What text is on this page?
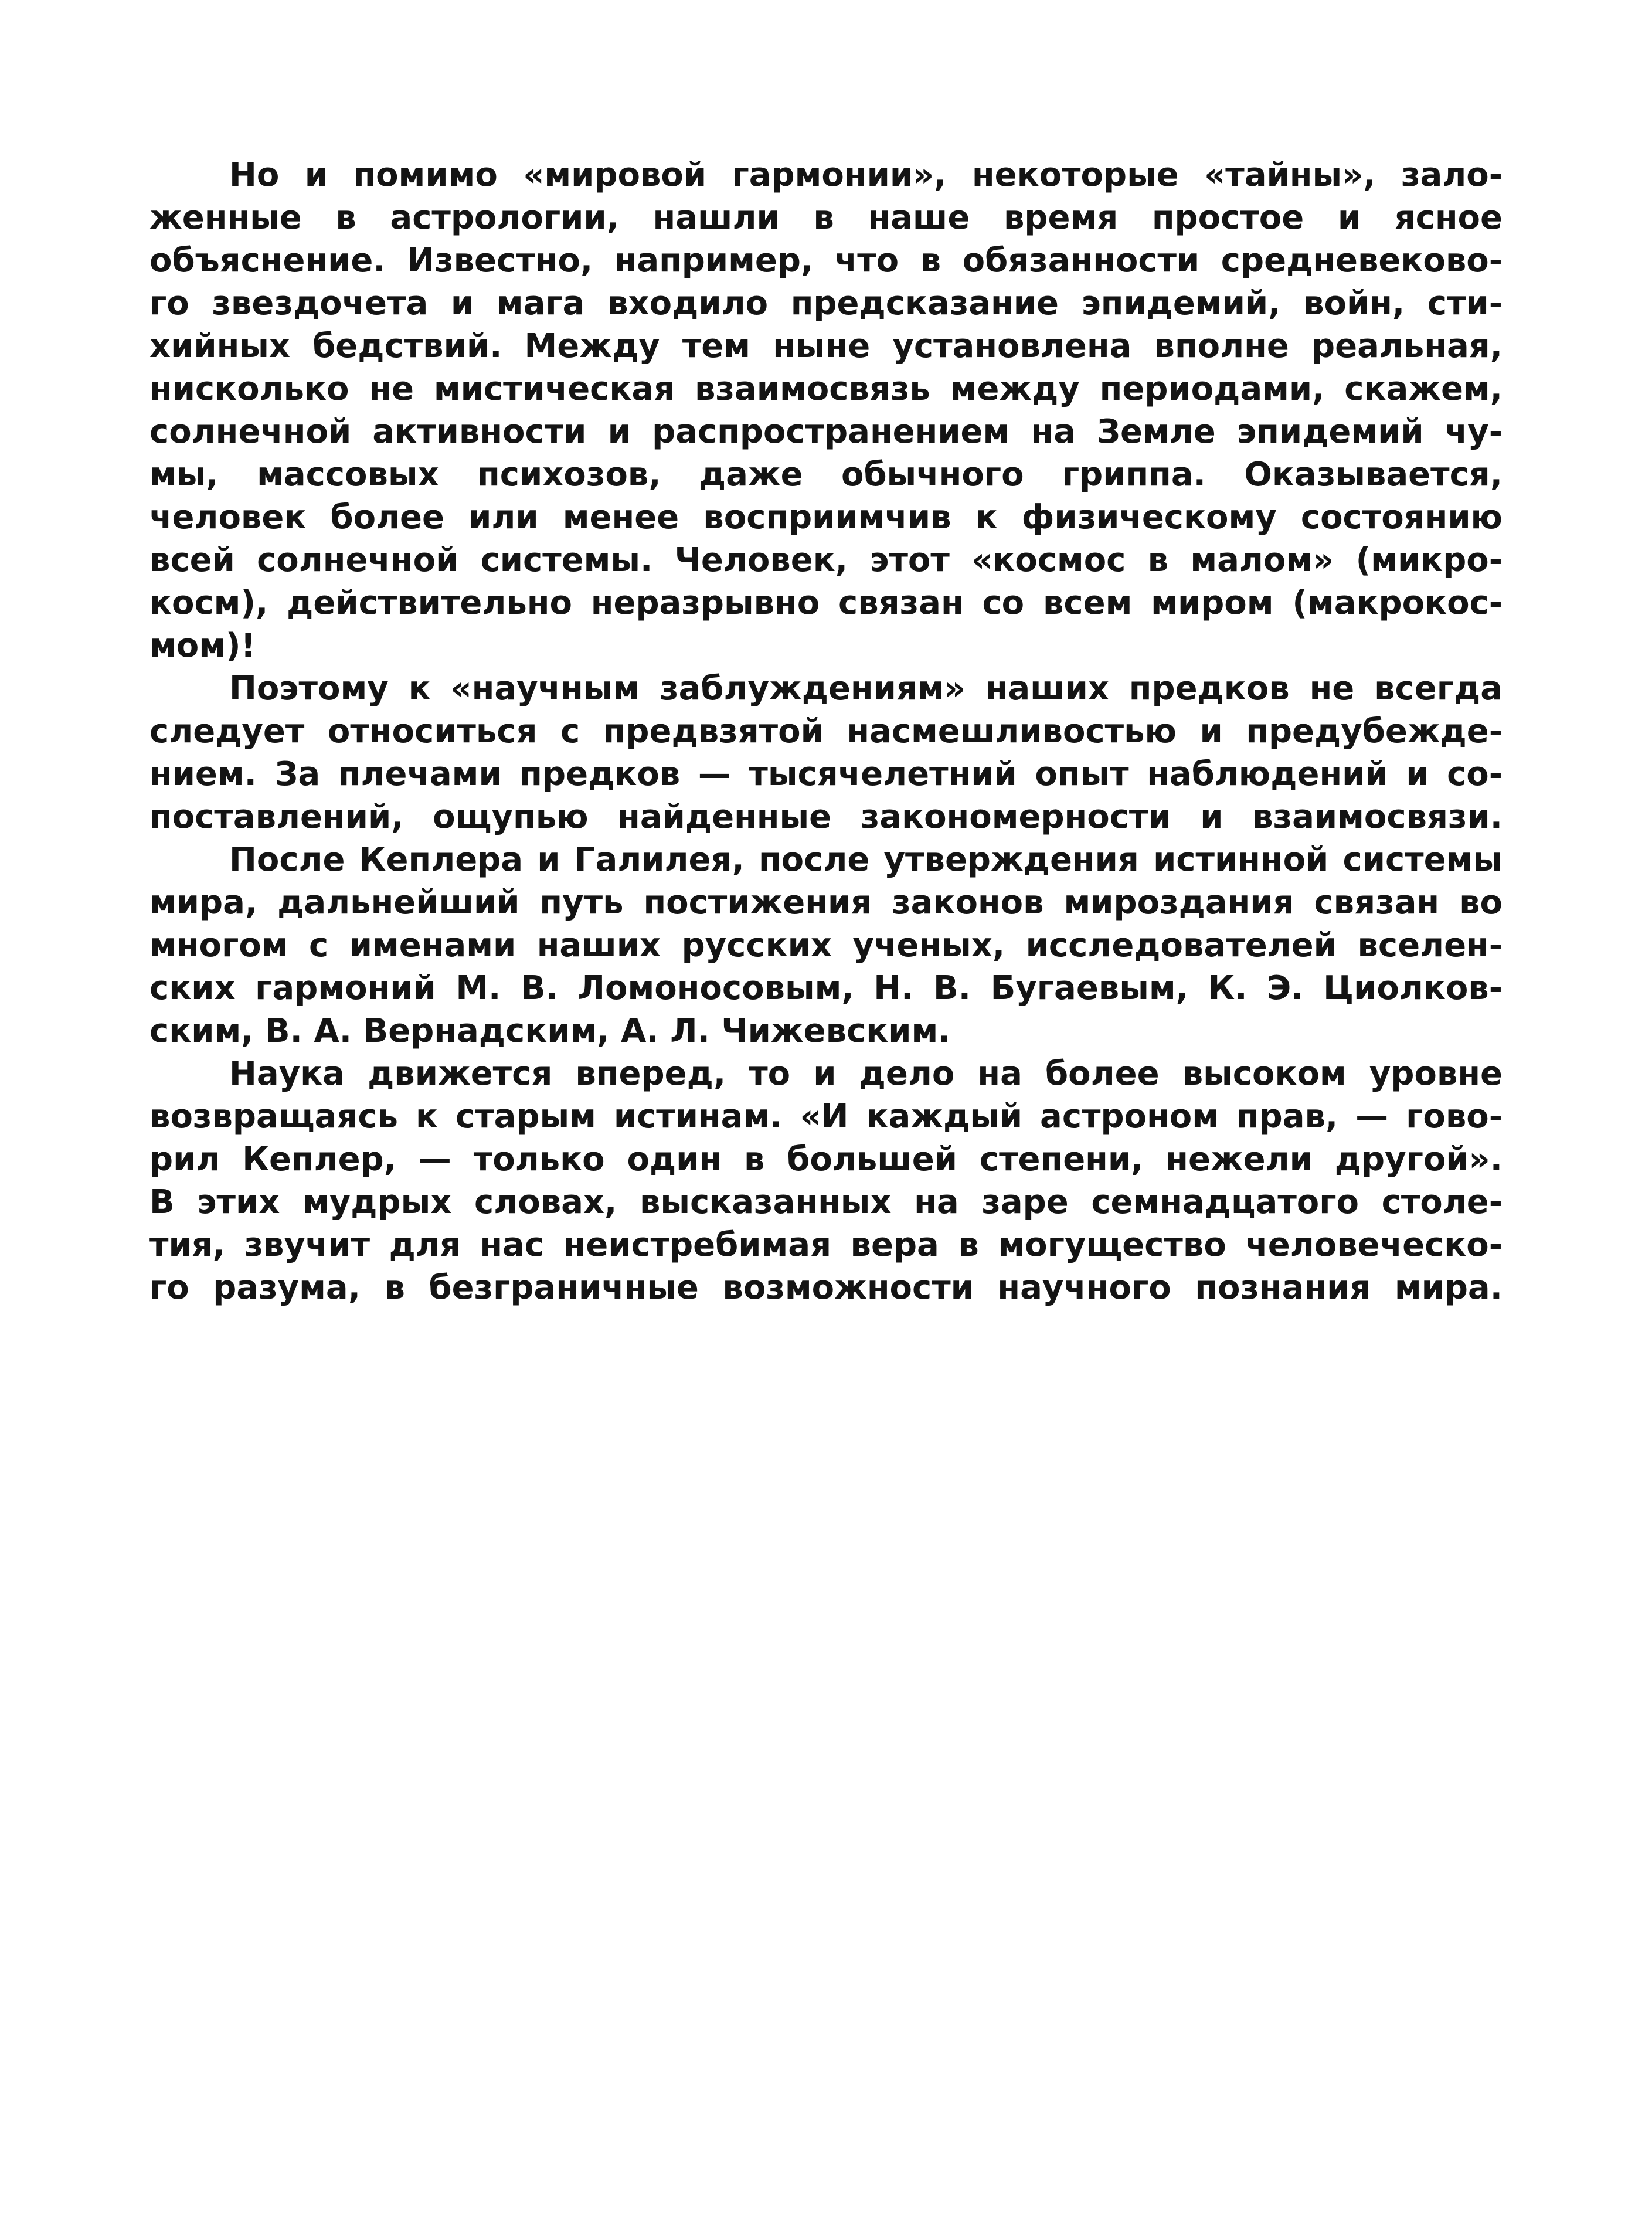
Но и помимо «мировой гармонии», некоторые «тайны», зало-
женные в астрологии, нашли в наше время простое и ясное
объяснение. Известно, например, что в обязанности средневеково-
го звездочета и мага входило предсказание эпидемий, войн, сти-
хийных бедствий. Между тем ныне установлена вполне реальная,
нисколько не мистическая взаимосвязь между периодами, скажем,
солнечной активности и распространением на Земле эпидемий чу-
мы, массовых психозов, даже обычного гриппа. Оказывается,
человек более или менее восприимчив к физическому состоянию
всей солнечной системы. Человек, этот «космос в малом» (микро-
косм), действительно неразрывно связан со всем миром (макрокос-
мом)!
Поэтому к «научным заблуждениям» наших предков не всегда
следует относиться с предвзятой насмешливостью и предубежде-
нием. За плечами предков — тысячелетний опыт наблюдений и со-
поставлений, ощупью найденные закономерности и взаимосвязи.
После Кеплера и Галилея, после утверждения истинной системы
мира, дальнейший путь постижения законов мироздания связан во
многом с именами наших русских ученых, исследователей вселен-
ских гармоний М. В. Ломоносовым, Н. В. Бугаевым, К. Э. Циолков-
ским, В. А. Вернадским, А. Л. Чижевским.
Наука движется вперед, то и дело на более высоком уровне
возвращаясь к старым истинам. «И каждый астроном прав, — гово-
рил Кеплер, — только один в большей степени, нежели другой».
В этих мудрых словах, высказанных на заре семнадцатого столе-
тия, звучит для нас неистребимая вера в могущество человеческо-
го разума, в безграничные возможности научного познания мира.
